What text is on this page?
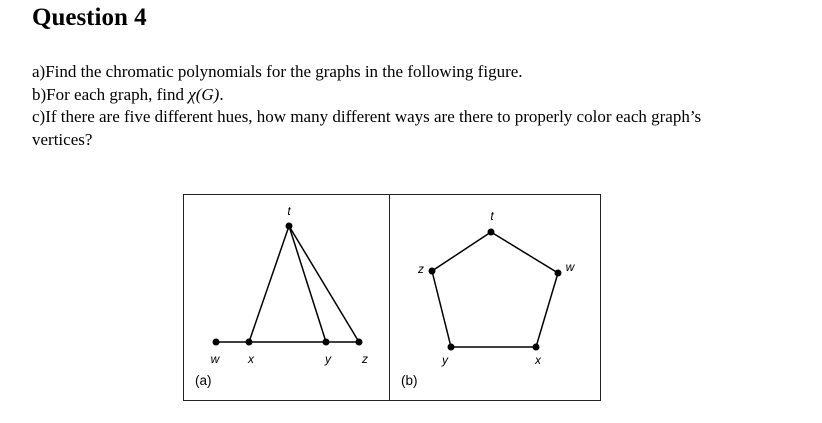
Question 4

a)Find the chromatic polynomials for the graphs in the following figure.

b)For each graph, find χ(G).

c)If there are five different hues, how many different ways are there to properly color each graph’s
vertices?

t
w x	y	z
(a)
t
w
x
y
z
(b)
